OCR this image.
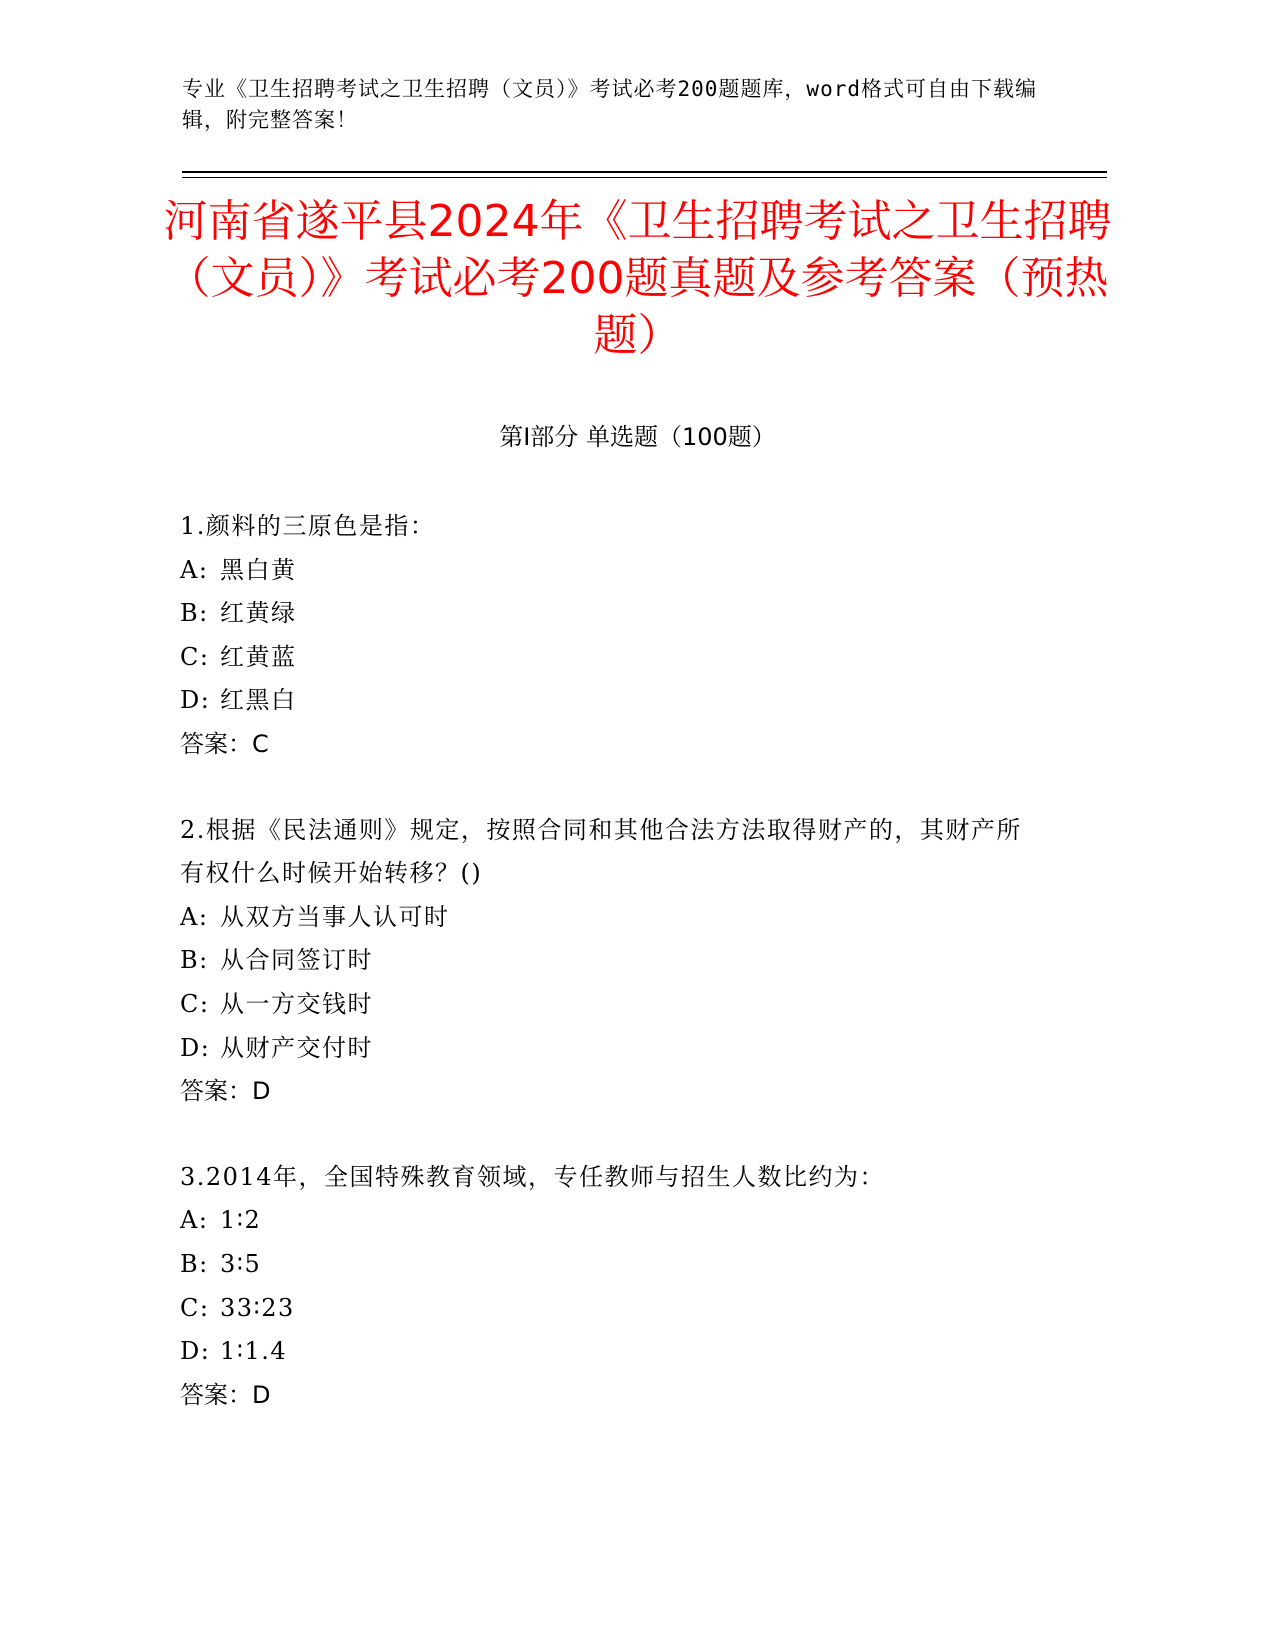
专业《卫生招聘考试之卫生招聘（文员）》考试必考200题题库，word格式可自由下载编辑，附完整答案！
河南省遂平县2024年《卫生招聘考试之卫生招聘（文员）》考试必考200题真题及参考答案（预热题）
第Ⅰ部分 单选题（100题）
1.颜料的三原色是指：
A: 黑白黄
B: 红黄绿
C: 红黄蓝
D: 红黑白
答案：C
2.根据《民法通则》规定，按照合同和其他合法方法取得财产的，其财产所有权什么时候开始转移？()
A: 从双方当事人认可时
B: 从合同签订时
C: 从一方交钱时
D: 从财产交付时
答案：D
3.2014年，全国特殊教育领域，专任教师与招生人数比约为：
A: 1∶2
B: 3∶5
C: 33∶23
D: 1∶1.4
答案：D
